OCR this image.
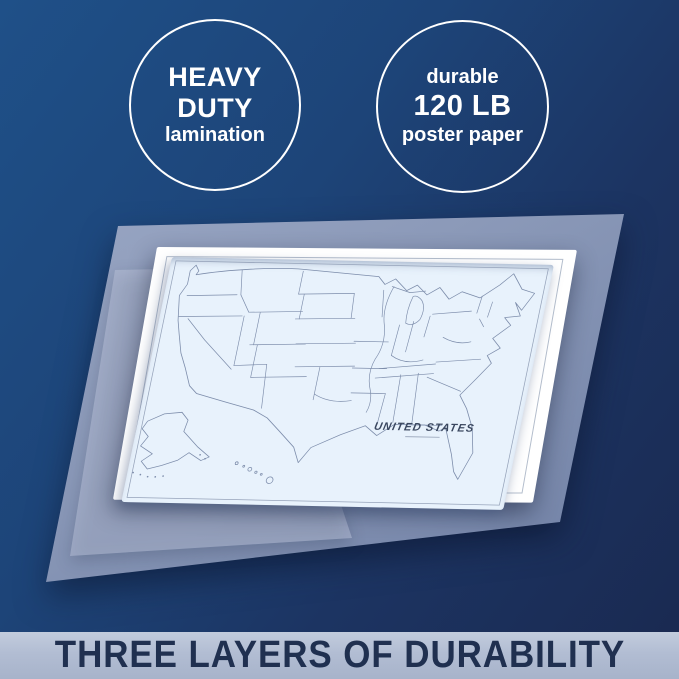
HEAVY
DUTY
lamination
durable
120 LB
poster paper
UNITED STATES
THREE LAYERS OF DURABILITY
